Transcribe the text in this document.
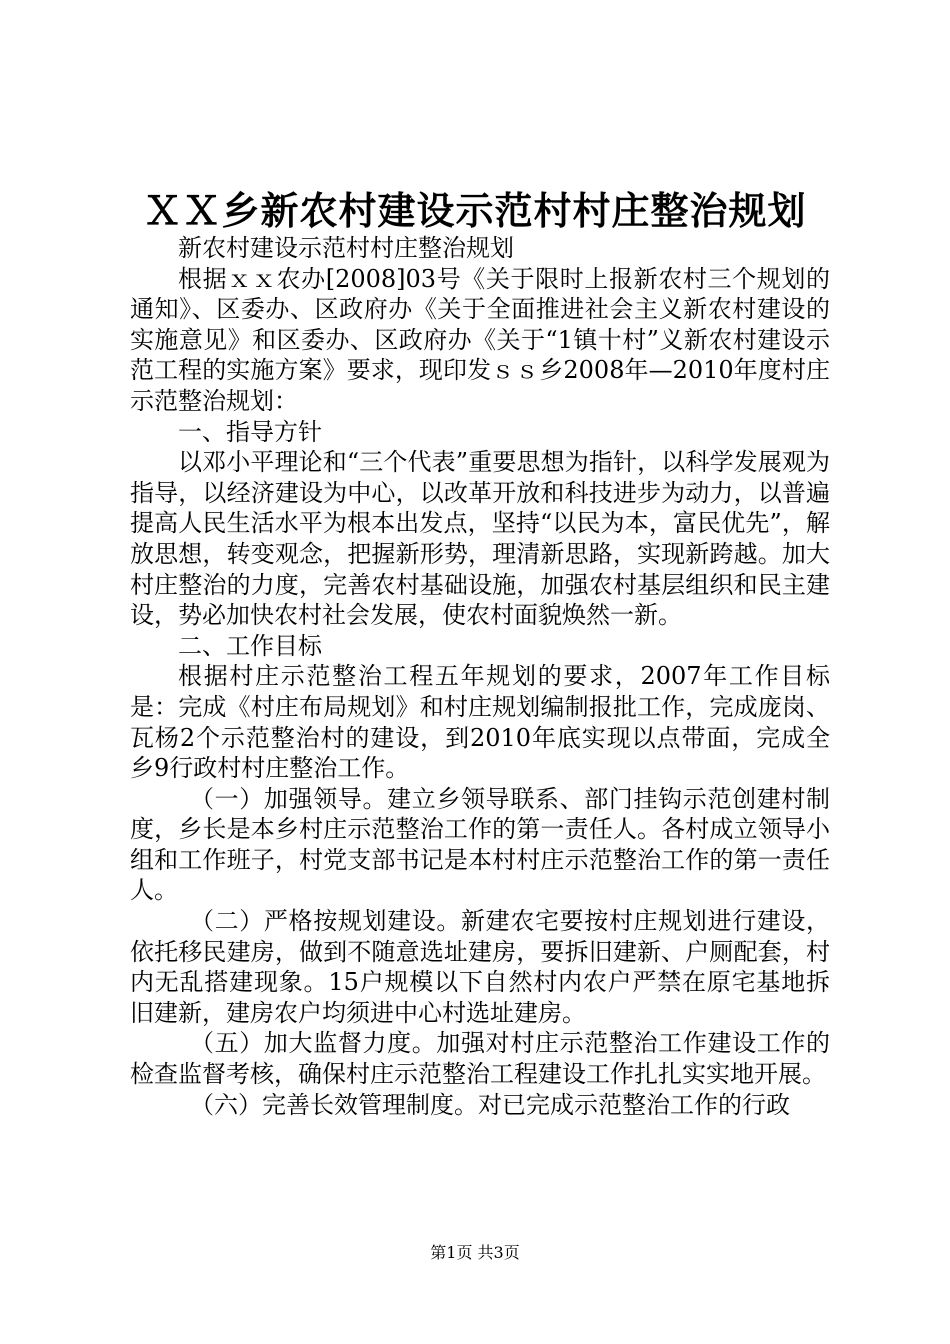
ＸＸ乡新农村建设示范村村庄整治规划

新农村建设示范村村庄整治规划

根据ｘｘ农办[2008]03号《关于限时上报新农村三个规划的通知》、区委办、区政府办《关于全面推进社会主义新农村建设的实施意见》和区委办、区政府办《关于“1镇十村”义新农村建设示范工程的实施方案》要求，现印发ｓｓ乡2008年—2010年度村庄示范整治规划：

一、指导方针

以邓小平理论和“三个代表”重要思想为指针，以科学发展观为指导，以经济建设为中心，以改革开放和科技进步为动力，以普遍提高人民生活水平为根本出发点，坚持“以民为本，富民优先”，解放思想，转变观念，把握新形势，理清新思路，实现新跨越。加大村庄整治的力度，完善农村基础设施，加强农村基层组织和民主建设，势必加快农村社会发展，使农村面貌焕然一新。

二、工作目标

根据村庄示范整治工程五年规划的要求，2007年工作目标是：完成《村庄布局规划》和村庄规划编制报批工作，完成庞岗、瓦杨2个示范整治村的建设，到2010年底实现以点带面，完成全乡9行政村村庄整治工作。

（一）加强领导。建立乡领导联系、部门挂钩示范创建村制度，乡长是本乡村庄示范整治工作的第一责任人。各村成立领导小组和工作班子，村党支部书记是本村村庄示范整治工作的第一责任人。

（二）严格按规划建设。新建农宅要按村庄规划进行建设，依托移民建房，做到不随意选址建房，要拆旧建新、户厕配套，村内无乱搭建现象。15户规模以下自然村内农户严禁在原宅基地拆旧建新，建房农户均须进中心村选址建房。

（五）加大监督力度。加强对村庄示范整治工作建设工作的检查监督考核，确保村庄示范整治工程建设工作扎扎实实地开展。

（六）完善长效管理制度。对已完成示范整治工作的行政

第1页 共3页
